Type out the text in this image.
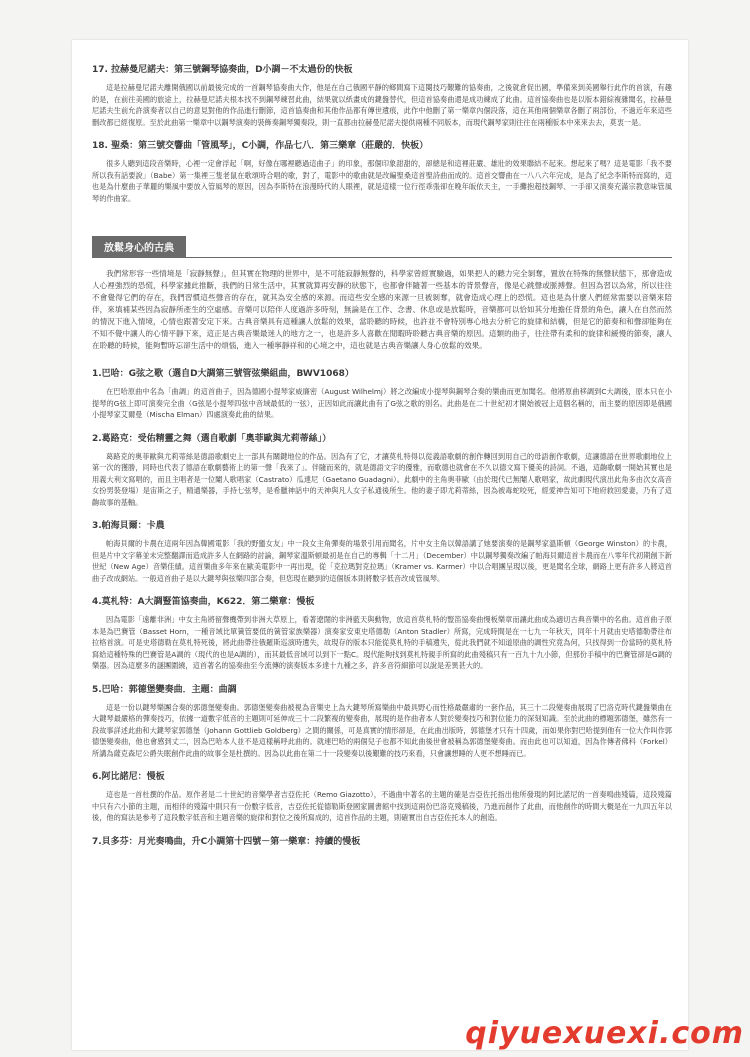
17. 拉赫曼尼諾夫：第三號鋼琴協奏曲，D小調－不太過份的快板

這是拉赫曼尼諾夫離開俄國以前最後完成的一首鋼琴協奏曲大作，他是在自己俄國平靜的鄉間寫下這闋技巧艱難的協奏曲，之後就倉促出國，準備來到美國舉行此作的首演，有趣的是，在前往美國的旅途上，拉赫曼尼諾夫根本找不到鋼琴練習此曲，結果就以紙畫成的鍵盤替代，但這首協奏曲還是成功練成了此曲。這首協奏曲也是以版本錯綜複雜聞名，拉赫曼尼諾夫生前允許演奏者以自己的意見對他的作品進行刪節，這首協奏曲和其他作品都有傳世遺痕，此作中他刪了第一樂章內個段落，這在其他兩個樂章各刪了兩部份，不過近年來這些刪改都已經復原。至於此曲第一樂章中以鋼琴演奏的裝飾奏鋼琴獨奏段，則一直都由拉赫曼尼諾夫提供兩種不同版本，而現代鋼琴家則往往在兩種版本中來來去去，莫衷一是。

18. 聖桑：第三號交響曲「管風琴」，C小調，作品七八．第三樂章（莊嚴的．快板）

很多人聽到這段音樂時，心裡一定會浮起「啊，好像在哪裡聽過這曲子」的印象，那個印象甜甜的，卻總是和這裡莊嚴、雄壯的效果聯結不起來。想起來了嗎？這是電影「我不要所以我有話要說」（Babe）第一集裡三隻老鼠在歌頌時合唱的歌，對了，電影中的歌曲就是改編聖桑這首聖詩曲而成的。這首交響曲在一八八六年完成，是為了紀念李斯特而寫的，這也是為什麼曲子華麗的樂風中要放入管風琴的原因，因為李斯特在浪漫時代的人眼裡，就是這樣一位行徑乖張卻在晚年皈依天主，一手攤抱超技鋼琴、一手卻又演奏充滿宗教意味管風琴的作曲家。

放鬆身心的古典

我們常形容一些情境是「寂靜無聲」，但其實在物理的世界中，是不可能寂靜無聲的，科學家曾經實驗過，如果把人的聽力完全剝奪，置放在特殊的無聲狀態下，那會造成人心裡強烈的恐慌，科學家據此推斷，我們的日常生活中，其實就算再安靜的狀態下，也都會伴隨著一些基本的背景聲音，像是心跳聲或脈搏聲。但因為習以為常，所以往往不會覺得它們的存在，我們習慣這些聲音的存在，就其為安全感的來源。而這些安全感的來源一旦被剝奪，就會造成心理上的恐慌。這也是為什麼人們經常需要以音樂來陪伴，來填補某些因為寂靜所產生的空虛感。音樂可以陪伴人度過許多時刻，無論是在工作、念書、休息或是放鬆時，音樂都可以恰如其分地擔任背景的角色，讓人在自然而然的情況下進入情境，心情也跟著安定下來。古典音樂具有這種讓人放鬆的效果，當聆聽的時候，也許並不會特別專心地去分析它的旋律和結構，但是它的節奏和和聲卻能夠在不知不覺中讓人的心情平靜下來，這正是古典音樂最迷人的地方之一，也是許多人喜歡在閒暇時聆聽古典音樂的原因。這類的曲子，往往帶有柔和的旋律和緩慢的節奏，讓人在聆聽的時候，能夠暫時忘卻生活中的煩惱，進入一種寧靜祥和的心境之中，這也就是古典音樂讓人身心放鬆的效果。

1.巴哈：G弦之歌（選自D大調第三號管弦樂組曲，BWV1068）

在巴哈原曲中名為「曲調」的這首曲子，因為德國小提琴家威廉密（August Wilhelmj）將之改編成小提琴與鋼琴合奏的樂曲而更加聞名。他將原曲移調到C大調後，原本只在小提琴的G弦上即可演奏完全曲（G弦是小提琴四弦中音域最低的一弦），正因如此而讓此曲有了G弦之歌的別名。此曲是在二十世紀初才開始被冠上這個名稱的，而主要的原因即是俄國小提琴家艾爾曼（Mischa Elman）四處演奏此曲的結果。

2.葛路克：受佑精靈之舞（選自歌劇「奧菲歐與尤莉蒂絲」）

葛路克的奧菲歐與尤莉蒂絲是德語歌劇史上一部具有關鍵地位的作品。因為有了它，才讓莫札特得以從義語歌劇的創作轉回到用自己的母語創作歌劇，這讓德語在世界歌劇地位上第一次的獲勝，同時也代表了德語在歌劇藝術上的第一聲「我來了」。伴隨而來的，就是德語文字的優雅，而歌德也就會在不久以德文寫下優美的詩詞。不過，這齣歌劇一開始其實也是用義大利文寫唱的，而且主唱者是一位閹人歌唱家（Castrato）瓜達尼（Gaetano Guadagni）。此劇中的主角奧菲歐（由於現代已無閹人歌唱家，故此劇現代演出此角多由次女高音女扮男裝登場）是宙斯之子，精通樂器，手持七弦琴，是希臘神話中的天神與凡人女子私通後所生。他的妻子即尤莉蒂絲，因為被毒蛇咬死，經愛神告知可下地府救回愛妻，乃有了這齣故事的基軸。

3.帕海貝爾：卡農

帕海貝爾的卡農在這兩年因為韓國電影「我的野蠻女友」中一段女主角彈奏的場景引用而聞名，片中女主角以韓語講了她要演奏的是鋼琴家溫斯頓（George Winston）的卡農，但是片中文字幕並未完整翻譯而造成許多人在網路的討論，鋼琴家溫斯頓最初是在自己的專輯「十二月」（December）中以鋼琴獨奏改編了帕海貝爾這首卡農而在八零年代初期創下新世紀（New Age）音樂佳績。這首樂曲多年來在歐美電影中一再出現，從「克拉瑪對克拉瑪」（Kramer vs. Karmer）中以合唱團呈現以後，更是聞名全球，網路上更有許多人將這首曲子改成網站。一般這首曲子是以大鍵琴與弦樂四部合奏，但您現在聽到的這個版本則將數字低音改成管風琴。

4.莫札特：A大調豎笛協奏曲，K622．第二樂章：慢板

因為電影「遠離非洲」中女主角將留聲機帶到非洲大草原上，看著遼闊的非洲藍天與動物，放這首莫札特的豎笛協奏曲慢板樂章而讓此曲成為適切古典音樂中的名曲。這首曲子原本是為巴賽管（Basset Horn，一種音域比單簧管要低的簧管家族樂器）演奏家安東史塔德勒（Anton Stadler）所寫，完成時間是在一七九一年秋天，同年十月就由史塔德勒帶往布拉格首演。可是史塔德勒在莫札特死後，將此曲帶往俄羅斯巡演時遺失，故現存的版本只能從莫札特的手稿遺失，從此我們就不知道原曲的調性究竟為何，只找得到一份當時的莫札特寫給這種特殊的巴賽管是A調的（現代的也是A調的），而其最低音域可以到下一點C。現代能夠找到莫札特親手所寫的此曲殘稿只有一百九十九小節，但那份手稿中的巴賽管卻是G調的樂器。因為這麼多的謎團圍繞，這首著名的協奏曲至今流傳的演奏版本多達十九種之多，許多音符細節可以說是差異甚大的。

5.巴哈：郭德堡變奏曲．主題：曲調

這是一份以鍵琴樂團合奏的郭德堡變奏曲。郭德堡變奏曲被視為音樂史上為大鍵琴所寫樂曲中最具野心而性格最嚴肅的一套作品，其三十二段變奏曲展現了巴洛克時代鍵盤樂曲在大鍵琴最嚴格的彈奏技巧，依據一道數字低音的主題則可延伸成三十二段繁複的變奏曲，展現的是作曲者本人對於變奏技巧和對位能力的深刻知識。至於此曲的標題郭德堡，雖然有一段故事詳述此曲和大鍵琴家郭德堡（Johann Gottlieb Goldberg）之間的關係，可是真實的情形卻是，在此曲出版時，郭德堡才只有十四歲，而如果你對巴哈提到他有一位大作叫作郭德堡變奏曲，他也會感到丈二，因為巴哈本人並不是這樣稱呼此曲的。就連巴哈的兩個兒子也都不知此曲後世會被稱為郭德堡變奏曲。而由此也可以知道，因為作傳者佛科（Forkel）所講為薩克森尼公爵失眠創作此曲的故事全是杜撰的。因為以此曲在第二十一段變奏以後艱難的技巧來看，只會讓想睡的人更不想睡而已。

6.阿比諾尼：慢板

這也是一首杜撰的作品。原作者是二十世紀的音樂學者吉亞佐托（Remo Giazotto），不過曲中著名的主題的確是吉亞佐托指出他所發現的阿比諾尼的一首奏鳴曲殘篇，這段殘篇中只有六小節的主題，而相伴的殘篇中則只有一份數字低音，吉亞佐托從德勒斯登國家圖書館中找到這兩份巴洛克殘稿後，乃進而創作了此曲，而他創作的時間大概是在一九四五年以後，他的寫法是參考了這段數字低音和主題音樂的旋律和對位之後所寫成的，這首作品的主題，則確實出自吉亞佐托本人的創造。

7.貝多芬：月光奏鳴曲，升C小調第十四號－第一樂章：持續的慢板
qiyuexuexi.com
